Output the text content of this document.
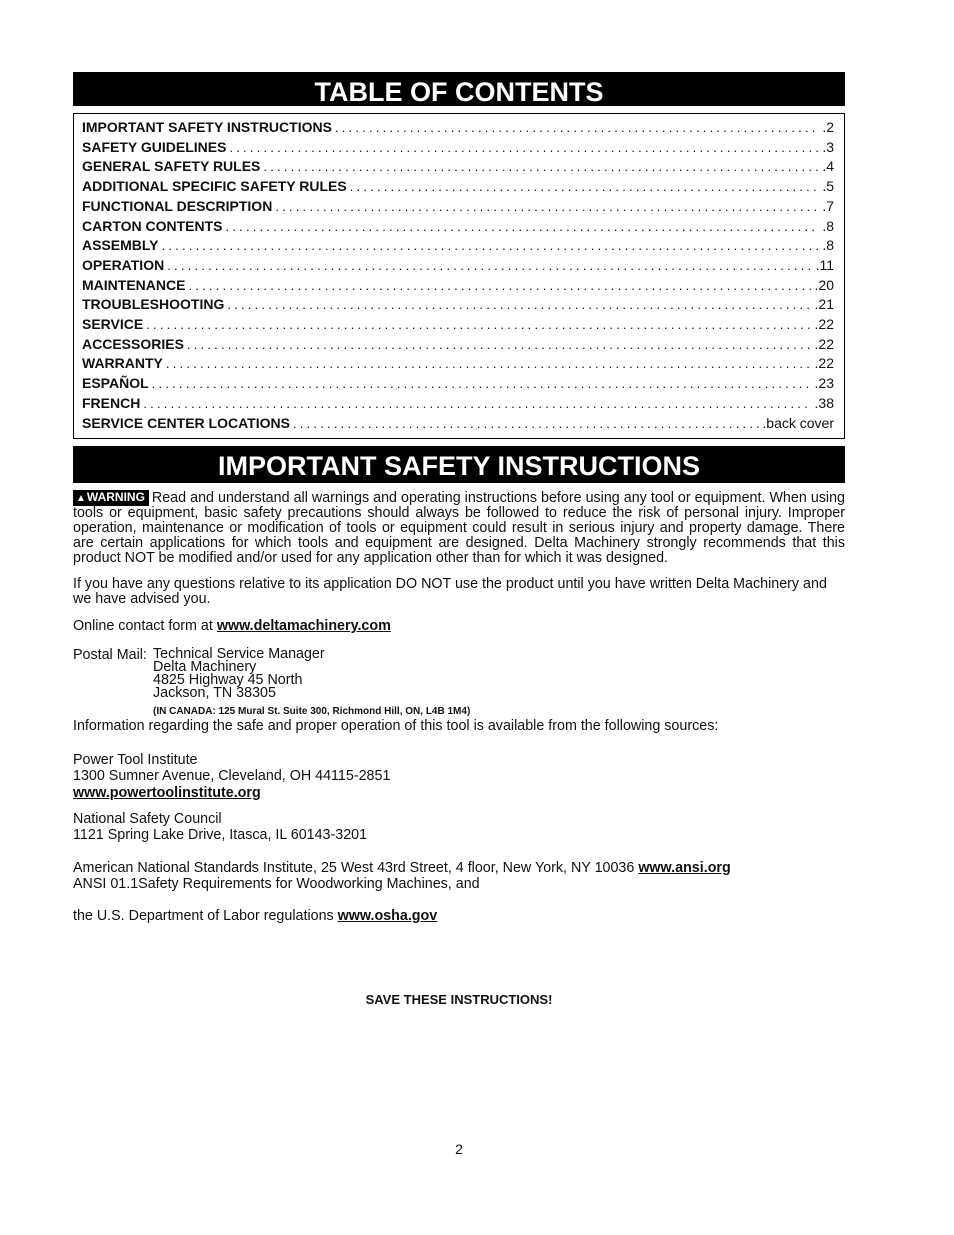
TABLE OF CONTENTS
IMPORTANT SAFETY INSTRUCTIONS .....	.2
SAFETY GUIDELINES .....	.3
GENERAL SAFETY RULES .....	.4
ADDITIONAL SPECIFIC SAFETY RULES .....	.5
FUNCTIONAL DESCRIPTION .....	.7
CARTON CONTENTS .....	.8
ASSEMBLY .....	.8
OPERATION .....	.11
MAINTENANCE .....	.20
TROUBLESHOOTING .....	.21
SERVICE .....	.22
ACCESSORIES .....	.22
WARRANTY .....	.22
ESPAÑOL .....	.23
FRENCH .....	.38
SERVICE CENTER LOCATIONS .....	.back cover
IMPORTANT SAFETY INSTRUCTIONS
▲WARNING Read and understand all warnings and operating instructions before using any tool or equipment. When using tools or equipment, basic safety precautions should always be followed to reduce the risk of personal injury. Improper operation, maintenance or modification of tools or equipment could result in serious injury and property damage. There are certain applications for which tools and equipment are designed. Delta Machinery strongly recommends that this product NOT be modified and/or used for any application other than for which it was designed.
If you have any questions relative to its application DO NOT use the product until you have written Delta Machinery and we have advised you.
Online contact form at www.deltamachinery.com
Postal Mail: Technical Service Manager
Delta Machinery
4825 Highway 45 North
Jackson, TN 38305
(IN CANADA: 125 Mural St. Suite 300, Richmond Hill, ON, L4B 1M4)
Information regarding the safe and proper operation of this tool is available from the following sources:
Power Tool Institute
1300 Sumner Avenue, Cleveland, OH 44115-2851
www.powertoolinstitute.org
National Safety Council
1121 Spring Lake Drive, Itasca, IL 60143-3201
American National Standards Institute, 25 West 43rd Street, 4 floor, New York, NY 10036 www.ansi.org
ANSI 01.1Safety Requirements for Woodworking Machines, and
the U.S. Department of Labor regulations www.osha.gov
SAVE THESE INSTRUCTIONS!
2
